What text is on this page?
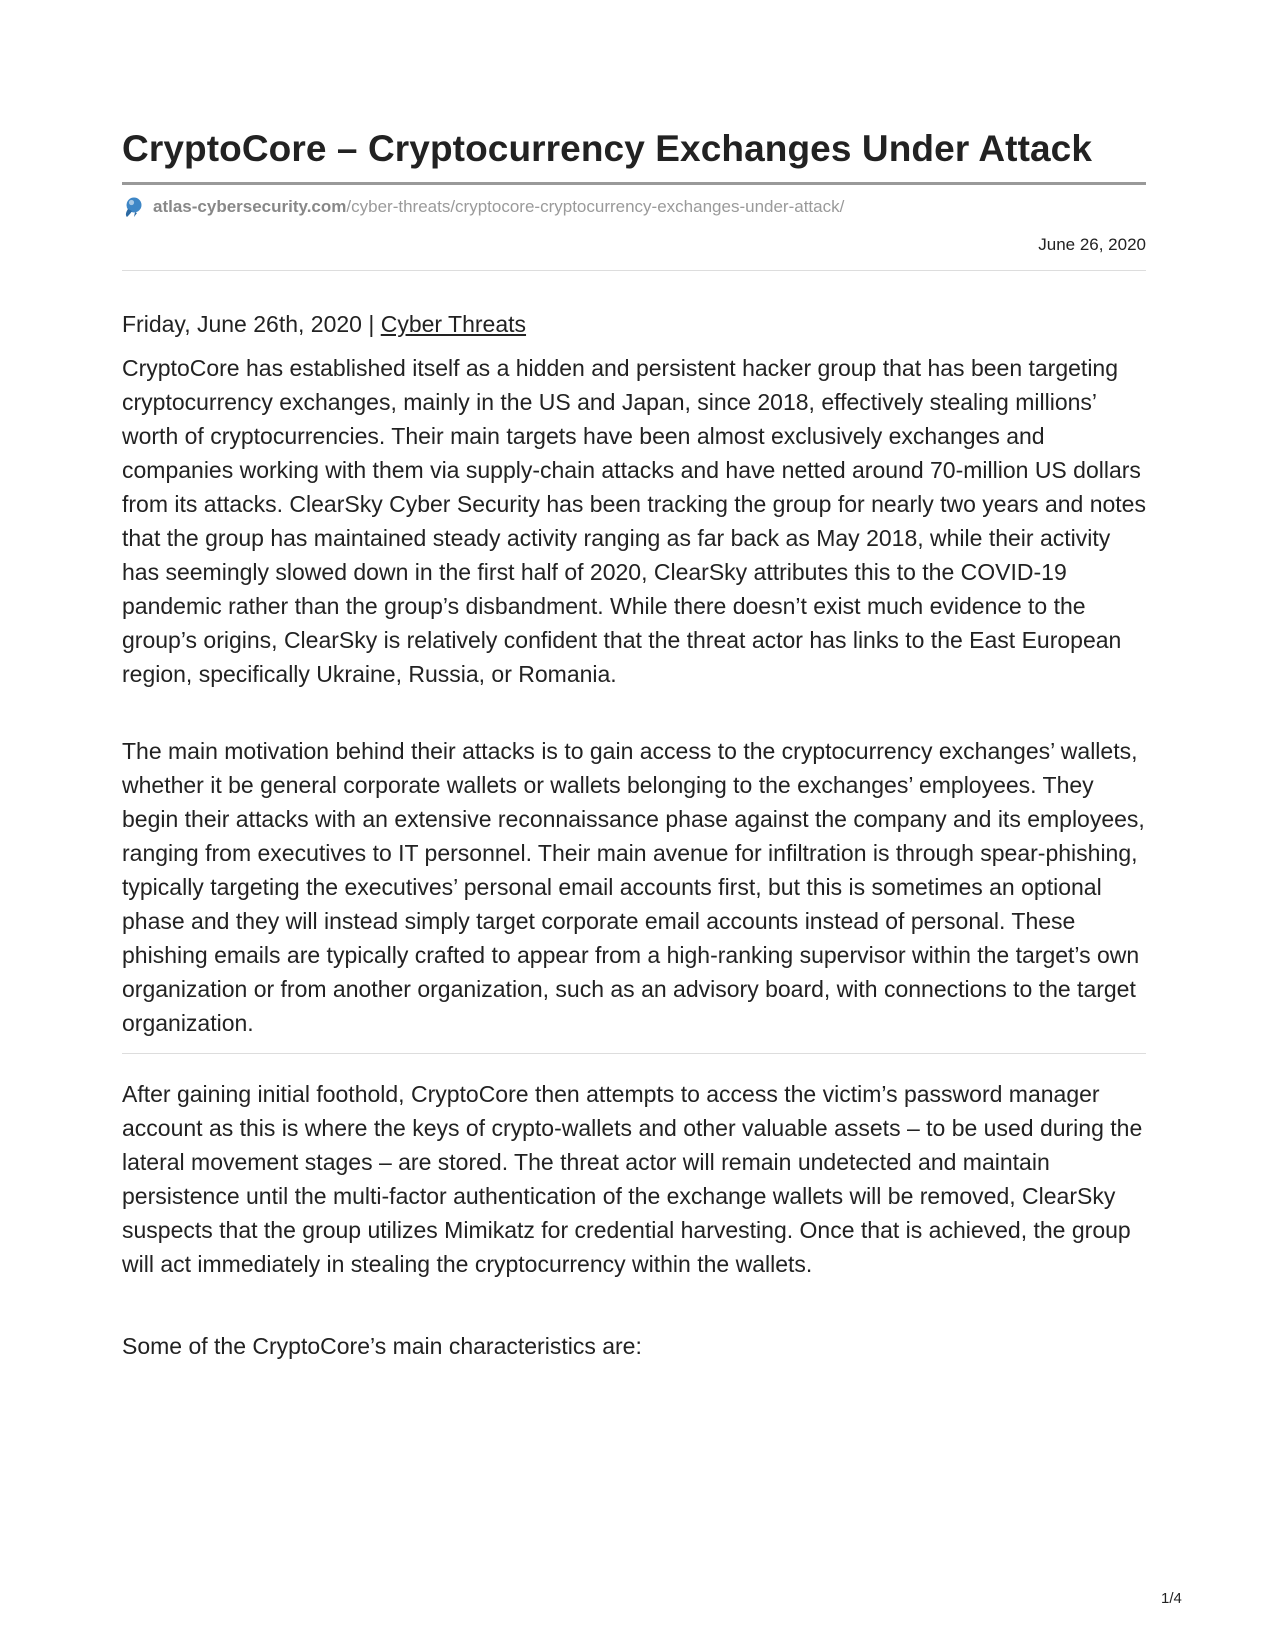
CryptoCore – Cryptocurrency Exchanges Under Attack
atlas-cybersecurity.com /cyber-threats/cryptocore-cryptocurrency-exchanges-under-attack/
June 26, 2020
Friday, June 26th, 2020 | Cyber Threats

CryptoCore has established itself as a hidden and persistent hacker group that has been targeting cryptocurrency exchanges, mainly in the US and Japan, since 2018, effectively stealing millions’ worth of cryptocurrencies. Their main targets have been almost exclusively exchanges and companies working with them via supply-chain attacks and have netted around 70-million US dollars from its attacks. ClearSky Cyber Security has been tracking the group for nearly two years and notes that the group has maintained steady activity ranging as far back as May 2018, while their activity has seemingly slowed down in the first half of 2020, ClearSky attributes this to the COVID-19 pandemic rather than the group’s disbandment. While there doesn’t exist much evidence to the group’s origins, ClearSky is relatively confident that the threat actor has links to the East European region, specifically Ukraine, Russia, or Romania.

The main motivation behind their attacks is to gain access to the cryptocurrency exchanges’ wallets, whether it be general corporate wallets or wallets belonging to the exchanges’ employees. They begin their attacks with an extensive reconnaissance phase against the company and its employees, ranging from executives to IT personnel. Their main avenue for infiltration is through spear-phishing, typically targeting the executives’ personal email accounts first, but this is sometimes an optional phase and they will instead simply target corporate email accounts instead of personal. These phishing emails are typically crafted to appear from a high-ranking supervisor within the target’s own organization or from another organization, such as an advisory board, with connections to the target organization.

After gaining initial foothold, CryptoCore then attempts to access the victim’s password manager account as this is where the keys of crypto-wallets and other valuable assets – to be used during the lateral movement stages – are stored. The threat actor will remain undetected and maintain persistence until the multi-factor authentication of the exchange wallets will be removed, ClearSky suspects that the group utilizes Mimikatz for credential harvesting. Once that is achieved, the group will act immediately in stealing the cryptocurrency within the wallets.

Some of the CryptoCore’s main characteristics are:

1/4
